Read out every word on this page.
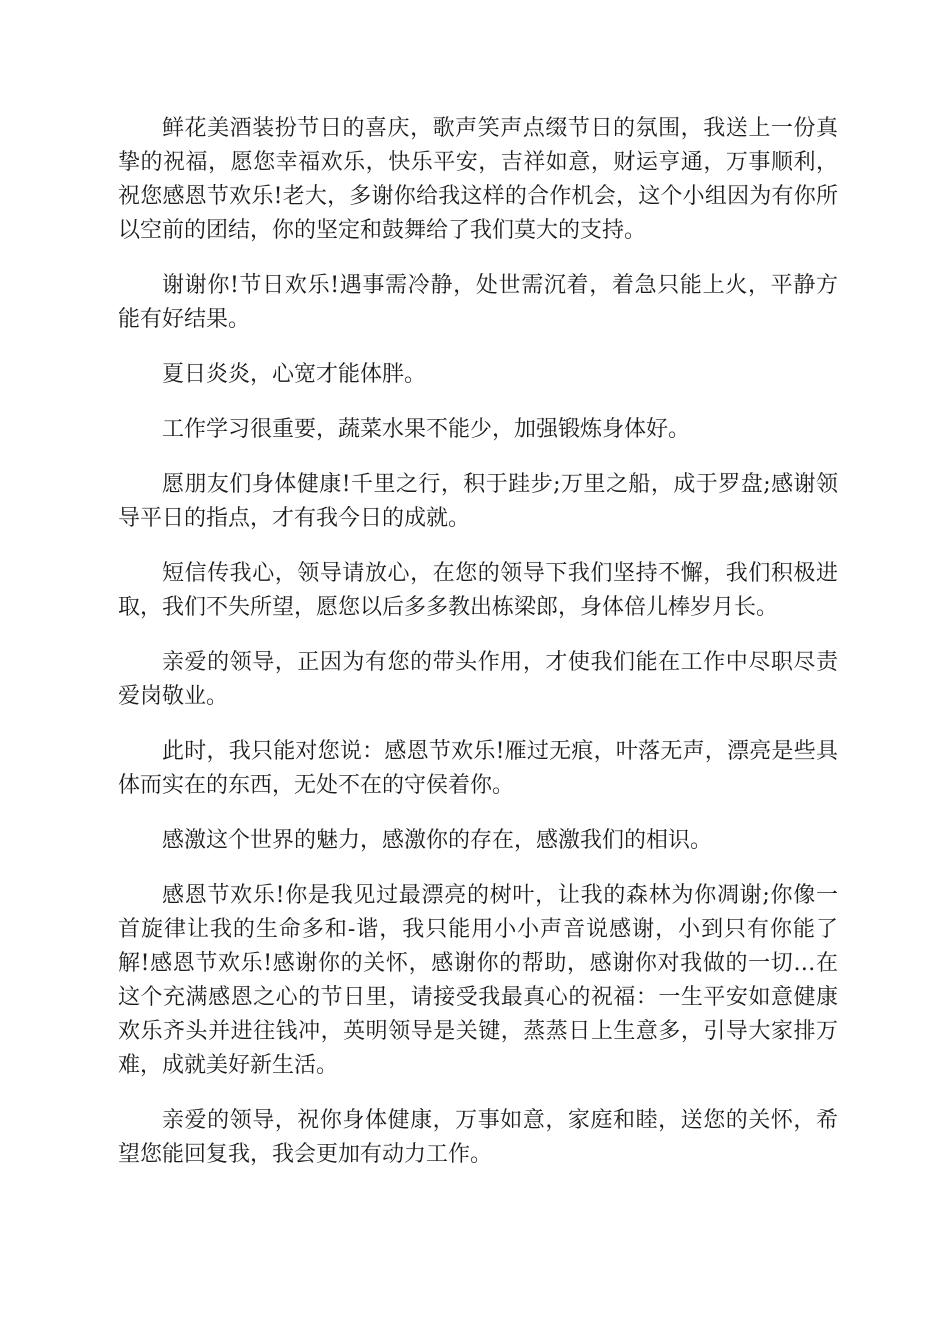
鲜花美酒装扮节日的喜庆，歌声笑声点缀节日的氛围，我送上一份真挚的祝福，愿您幸福欢乐，快乐平安，吉祥如意，财运亨通，万事顺利，祝您感恩节欢乐!老大，多谢你给我这样的合作机会，这个小组因为有你所以空前的团结，你的坚定和鼓舞给了我们莫大的支持。

谢谢你!节日欢乐!遇事需冷静，处世需沉着，着急只能上火，平静方能有好结果。

夏日炎炎，心宽才能体胖。

工作学习很重要，蔬菜水果不能少，加强锻炼身体好。

愿朋友们身体健康!千里之行，积于跬步;万里之船，成于罗盘;感谢领导平日的指点，才有我今日的成就。

短信传我心，领导请放心，在您的领导下我们坚持不懈，我们积极进取，我们不失所望，愿您以后多多教出栋梁郎，身体倍儿棒岁月长。

亲爱的领导，正因为有您的带头作用，才使我们能在工作中尽职尽责爱岗敬业。

此时，我只能对您说：感恩节欢乐!雁过无痕，叶落无声，漂亮是些具体而实在的东西，无处不在的守侯着你。

感激这个世界的魅力，感激你的存在，感激我们的相识。

感恩节欢乐!你是我见过最漂亮的树叶，让我的森林为你凋谢;你像一首旋律让我的生命多和-谐，我只能用小小声音说感谢，小到只有你能了解!感恩节欢乐!感谢你的关怀，感谢你的帮助，感谢你对我做的一切…在这个充满感恩之心的节日里，请接受我最真心的祝福：一生平安如意健康欢乐齐头并进往钱冲，英明领导是关键，蒸蒸日上生意多，引导大家排万难，成就美好新生活。

亲爱的领导，祝你身体健康，万事如意，家庭和睦，送您的关怀，希望您能回复我，我会更加有动力工作。
